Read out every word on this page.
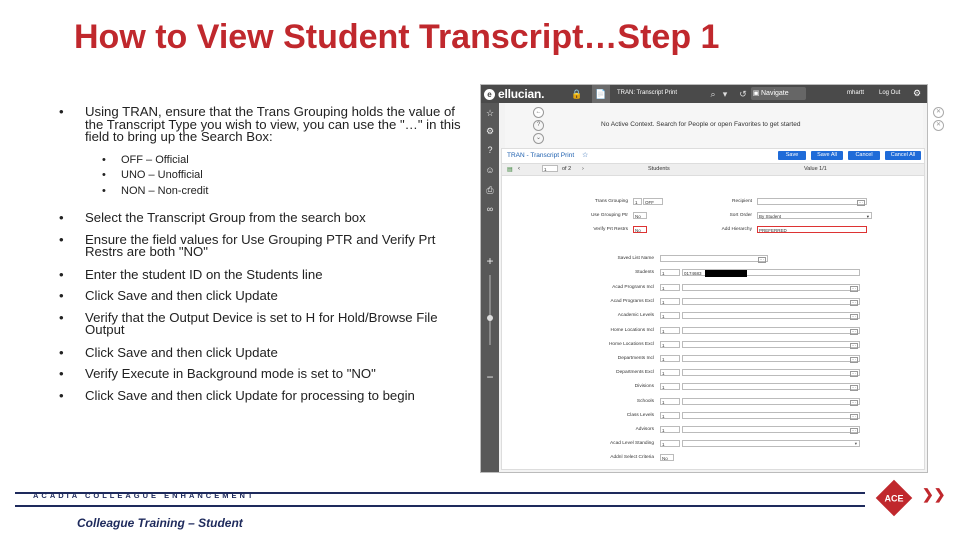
How to View Student Transcript…Step 1
• Using TRAN, ensure that the Trans Grouping holds the value of the Transcript Type you wish to view, you can use the "…" in this field to bring up the Search Box:
• OFF – Official
• UNO – Unofficial
• NON – Non-credit
• Select the Transcript Group from the search box
• Ensure the field values for Use Grouping PTR and Verify Prt Restrs are both "NO"
• Enter the student ID on the Students line
• Click Save and then click Update
• Verify that the Output Device is set to H for Hold/Browse File Output
• Click Save and then click Update
• Verify Execute in Background mode is set to "NO"
• Click Save and then click Update for processing to begin
e ellucian.	🔒 📄 TRAN: Transcript Print	⌕ ▾	↺ ▣ Navigate	mhartt Log Out ⚙
☆
⚙
?
☺
⎙
∞
+
−
←
?
⌄
✕
✕
No Active Context. Search for People or open Favorites to get started
TRAN - Transcript Print ☆	Save	Save All	Cancel	Cancel All
▤ ‹	1	of 2 ›	Students	Value 1/1
Trans Grouping	1	OFF	Recipient	···
Use Grouping Ptr	No	Sort Order	By Student	▾
Verify Prt Restrs	No	Add Hierarchy	PREFERRED
Saved List Name	···
Students	1	0174683
Acad Programs Incl	1	···
Acad Programs Excl	1	···
Academic Levels	1	···
Home Locations Incl	1	···
Home Locations Excl	1	···
Departments Incl	1	···
Departments Excl	1	···
Divisions	1	···
Schools	1	···
Class Levels	1	···
Advisors	1	···
Acad Level Standing	1	▾
Addnl Select Criteria	No
ACADIA COLLEAGUE ENHANCEMENT	ACE ❯❯
Colleague Training – Student
